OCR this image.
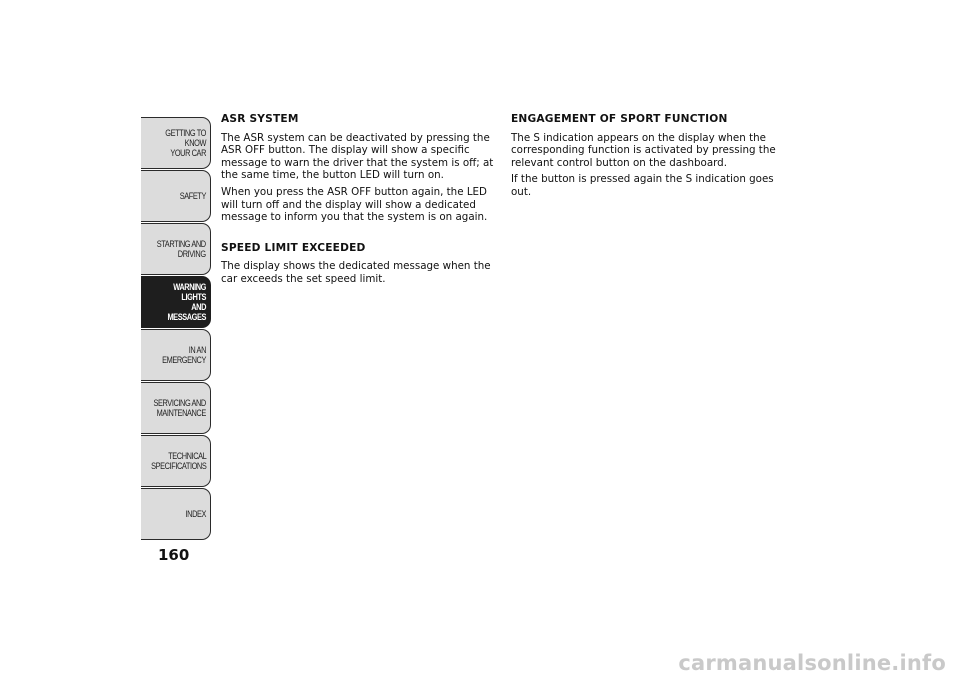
GETTING TO KNOW
YOUR CAR
SAFETY
STARTING AND
DRIVING
WARNING LIGHTS
AND MESSAGES
IN AN EMERGENCY
SERVICING AND
MAINTENANCE
TECHNICAL
SPECIFICATIONS
INDEX
160
ASR SYSTEM

The ASR system can be deactivated by pressing the ASR OFF button. The display will show a specific message to warn the driver that the system is off; at the same time, the button LED will turn on.

When you press the ASR OFF button again, the LED will turn off and the display will show a dedicated message to inform you that the system is on again.

SPEED LIMIT EXCEEDED

The display shows the dedicated message when the car exceeds the set speed limit.

ENGAGEMENT OF SPORT FUNCTION

The S indication appears on the display when the corresponding function is activated by pressing the relevant control button on the dashboard.

If the button is pressed again the S indication goes out.

carmanualsonline.info
